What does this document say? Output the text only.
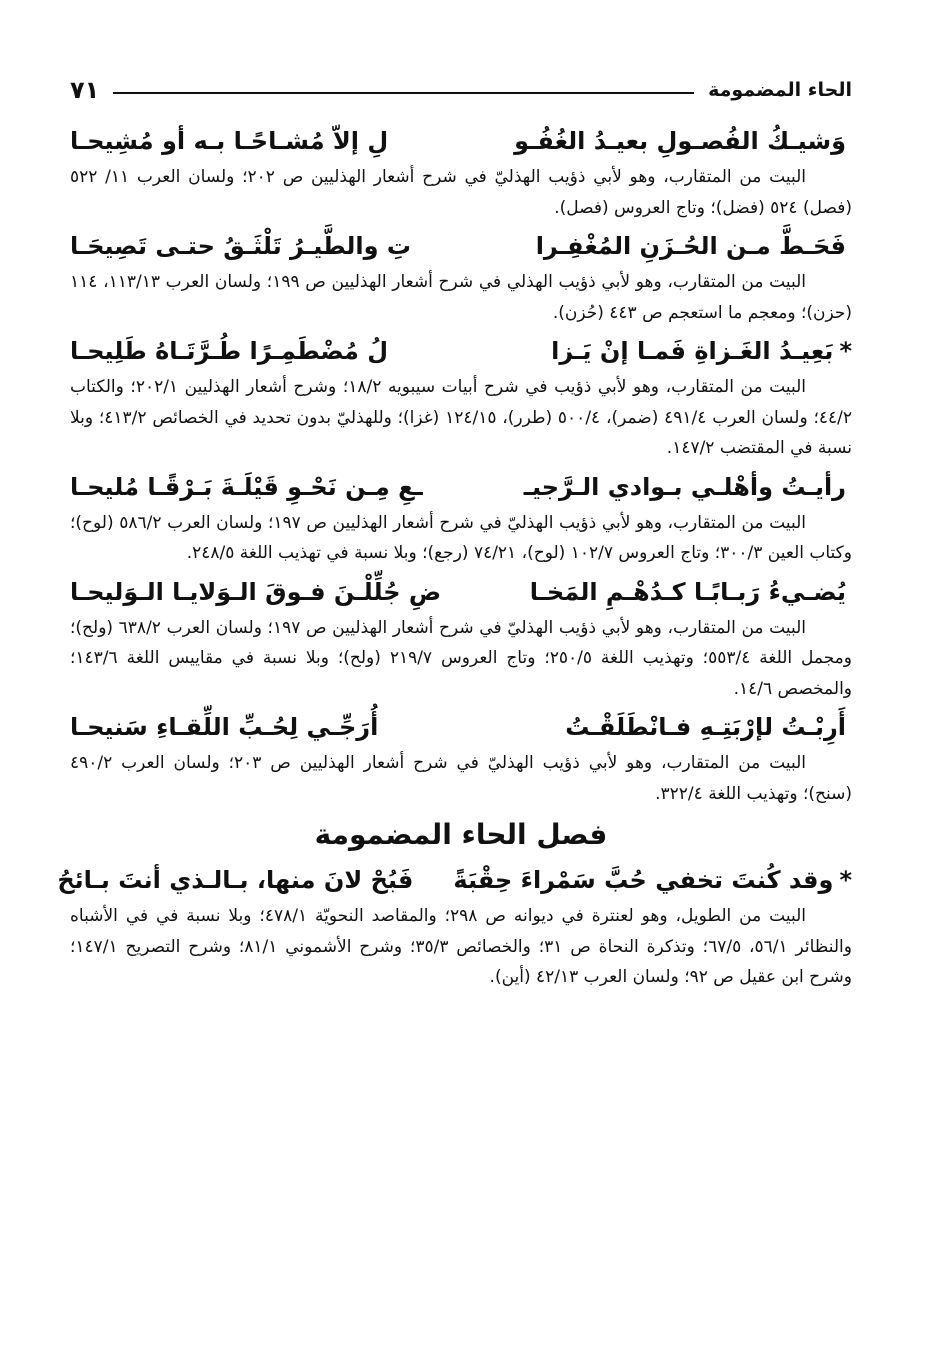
الحاء المضمومة
٧١
وَشيـكُ الفُصـولِ بعيـدُ الغُفُـو
لِ إلاّ مُشـاحًـا بـه أو مُشِيحـا

البيت من المتقارب، وهو لأبي ذؤيب الهذليّ في شرح أشعار الهذليين ص ٢٠٢؛ ولسان العرب ١١/ ٥٢٢ (فصل) ٥٢٤ (فضل)؛ وتاج العروس (فصل).

فَحَـطَّ مـن الحُـزَنِ المُغْفِـرا
تِ والطَّيـرُ تَلْثَـقُ حتـى تَصِيحَـا

البيت من المتقارب، وهو لأبي ذؤيب الهذلي في شرح أشعار الهذليين ص ١٩٩؛ ولسان العرب ١١٣/١٣، ١١٤ (حزن)؛ ومعجم ما استعجم ص ٤٤٣ (حُزن).

*بَعِيـدُ الغَـزاةِ فَمـا إنْ يَـزا
لُ مُضْطَمِـرًا طُـرَّتَـاهُ طَلِيحـا

البيت من المتقارب، وهو لأبي ذؤيب في شرح أبيات سيبويه ١٨/٢؛ وشرح أشعار الهذليين ٢٠٢/١؛ والكتاب ٤٤/٢؛ ولسان العرب ٤٩١/٤ (ضمر)، ٥٠٠/٤ (طرر)، ١٢٤/١٥ (غزا)؛ وللهذليّ بدون تحديد في الخصائص ٤١٣/٢؛ وبلا نسبة في المقتضب ١٤٧/٢.

رأيـتُ وأهْلـي بـوادي الـرَّجيـ
ـعِ مِـن نَحْـوِ قَيْلَـةَ بَـرْقًـا مُليحـا

البيت من المتقارب، وهو لأبي ذؤيب الهذليّ في شرح أشعار الهذليين ص ١٩٧؛ ولسان العرب ٥٨٦/٢ (لوح)؛ وكتاب العين ٣٠٠/٣؛ وتاج العروس ١٠٢/٧ (لوح)، ٧٤/٢١ (رجع)؛ وبلا نسبة في تهذيب اللغة ٢٤٨/٥.

يُضـيءُ رَبـابًـا كـدُهْـمِ المَخـا
ضِ جُلِّلْـنَ فـوقَ الـوَلايـا الـوَليحـا

البيت من المتقارب، وهو لأبي ذؤيب الهذليّ في شرح أشعار الهذليين ص ١٩٧؛ ولسان العرب ٦٣٨/٢ (ولح)؛ ومجمل اللغة ٥٥٣/٤؛ وتهذيب اللغة ٢٥٠/٥؛ وتاج العروس ٢١٩/٧ (ولح)؛ وبلا نسبة في مقاييس اللغة ١٤٣/٦؛ والمخصص ١٤/٦.

أَرِبْـتُ لإرْبَتِـهِ فـانْطَلَقْـتُ
أُرَجِّـي لِحُـبِّ اللِّقـاءِ سَنيحـا

البيت من المتقارب، وهو لأبي ذؤيب الهذليّ في شرح أشعار الهذليين ص ٢٠٣؛ ولسان العرب ٤٩٠/٢ (سنح)؛ وتهذيب اللغة ٣٢٢/٤.

فصل الحاء المضمومة
*وقد كُنتَ تخفي حُبَّ سَمْراءَ حِقْبَةً
فَبُحْ لانَ منها، بـالـذي أنتَ بـائحُ

البيت من الطويل، وهو لعنترة في ديوانه ص ٢٩٨؛ والمقاصد النحويّة ٤٧٨/١؛ وبلا نسبة في في الأشباه والنظائر ٥٦/١، ٦٧/٥؛ وتذكرة النحاة ص ٣١؛ والخصائص ٣٥/٣؛ وشرح الأشموني ٨١/١؛ وشرح التصريح ١٤٧/١؛ وشرح ابن عقيل ص ٩٢؛ ولسان العرب ٤٢/١٣ (أين).
